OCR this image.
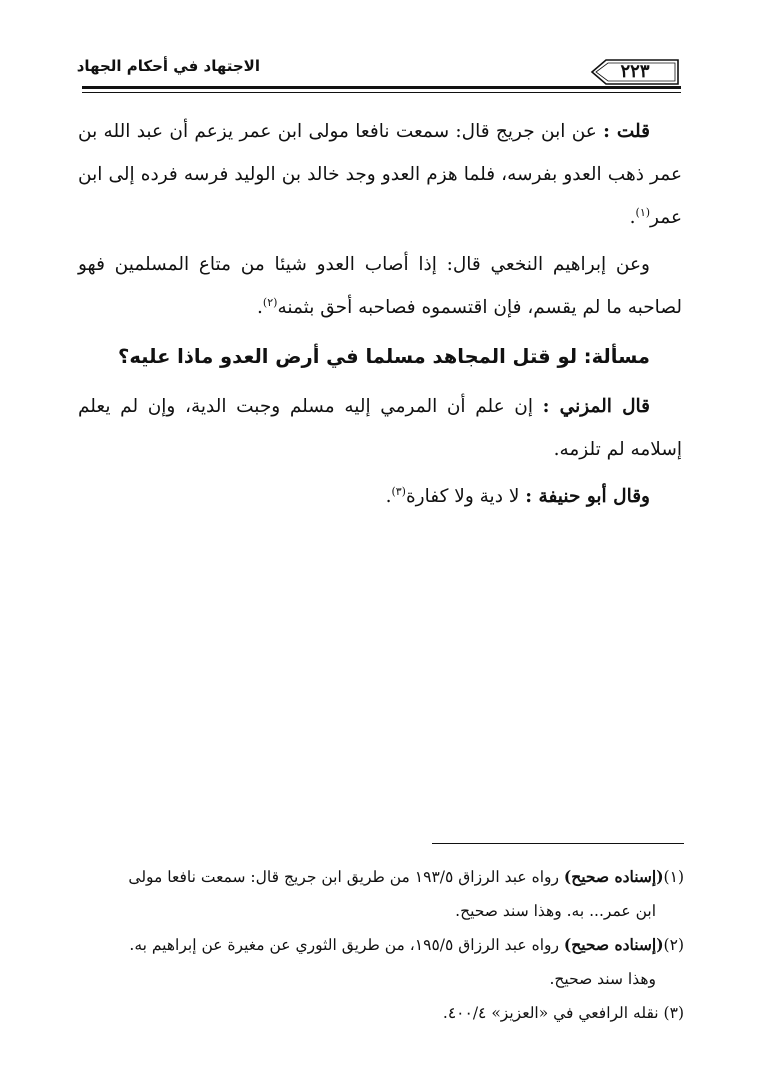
الاجتهاد في أحكام الجهاد	٢٢٣

قلت : عن ابن جريج قال: سمعت نافعا مولى ابن عمر يزعم أن عبد الله بن عمر ذهب العدو بفرسه، فلما هزم العدو وجد خالد بن الوليد فرسه فرده إلى ابن عمر$^{(١)}$.

وعن إبراهيم النخعي قال: إذا أصاب العدو شيئا من متاع المسلمين فهو لصاحبه ما لم يقسم، فإن اقتسموه فصاحبه أحق بثمنه$^{(٢)}$.

مسألة: لو قتل المجاهد مسلما في أرض العدو ماذا عليه؟

قال المزني : إن علم أن المرمي إليه مسلم وجبت الدية، وإن لم يعلم إسلامه لم تلزمه.

وقال أبو حنيفة : لا دية ولا كفارة$^{(٣)}$.

(١)(إسناده صحيح) رواه عبد الرزاق ١٩٣/٥ من طريق ابن جريج قال: سمعت نافعا مولى

ابن عمر... به. وهذا سند صحيح.

(٢)(إسناده صحيح) رواه عبد الرزاق ١٩٥/٥، من طريق الثوري عن مغيرة عن إبراهيم به.

وهذا سند صحيح.

(٣) نقله الرافعي في «العزيز» ٤٠٠/٤.
